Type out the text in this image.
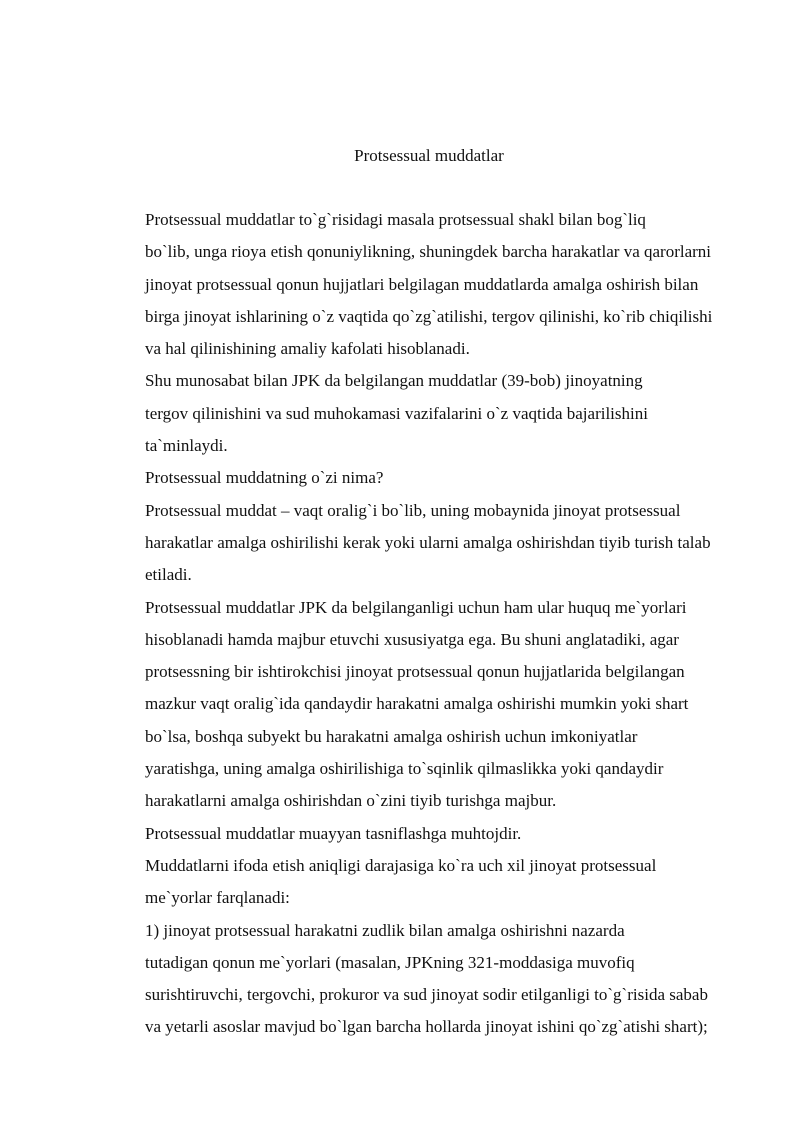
Protsessual muddatlar

Protsessual muddatlar to`g`risidagi masala protsessual shakl bilan bog`liq
bo`lib, unga rioya etish qonuniylikning, shuningdek barcha harakatlar va qarorlarni
jinoyat protsessual qonun hujjatlari belgilagan muddatlarda amalga oshirish bilan
birga jinoyat ishlarining o`z vaqtida qo`zg`atilishi, tergov qilinishi, ko`rib chiqilishi
va hal qilinishining amaliy kafolati hisoblanadi.

Shu munosabat bilan JPK da belgilangan muddatlar (39-bob) jinoyatning
tergov qilinishini va sud muhokamasi vazifalarini o`z vaqtida bajarilishini
ta`minlaydi.

Protsessual muddatning o`zi nima?

Protsessual muddat – vaqt oralig`i bo`lib, uning mobaynida jinoyat protsessual
harakatlar amalga oshirilishi kerak yoki ularni amalga oshirishdan tiyib turish talab
etiladi.

Protsessual muddatlar JPK da belgilanganligi uchun ham ular huquq me`yorlari
hisoblanadi hamda majbur etuvchi xususiyatga ega. Bu shuni anglatadiki, agar
protsessning bir ishtirokchisi jinoyat protsessual qonun hujjatlarida belgilangan
mazkur vaqt oralig`ida qandaydir harakatni amalga oshirishi mumkin yoki shart
bo`lsa, boshqa subyekt bu harakatni amalga oshirish uchun imkoniyatlar
yaratishga, uning amalga oshirilishiga to`sqinlik qilmaslikka yoki qandaydir
harakatlarni amalga oshirishdan o`zini tiyib turishga majbur.

Protsessual muddatlar muayyan tasniflashga muhtojdir.

Muddatlarni ifoda etish aniqligi darajasiga ko`ra uch xil jinoyat protsessual
me`yorlar farqlanadi:

1) jinoyat protsessual harakatni zudlik bilan amalga oshirishni nazarda
tutadigan qonun me`yorlari (masalan, JPKning 321-moddasiga muvofiq
surishtiruvchi, tergovchi, prokuror va sud jinoyat sodir etilganligi to`g`risida sabab
va yetarli asoslar mavjud bo`lgan barcha hollarda jinoyat ishini qo`zg`atishi shart);
